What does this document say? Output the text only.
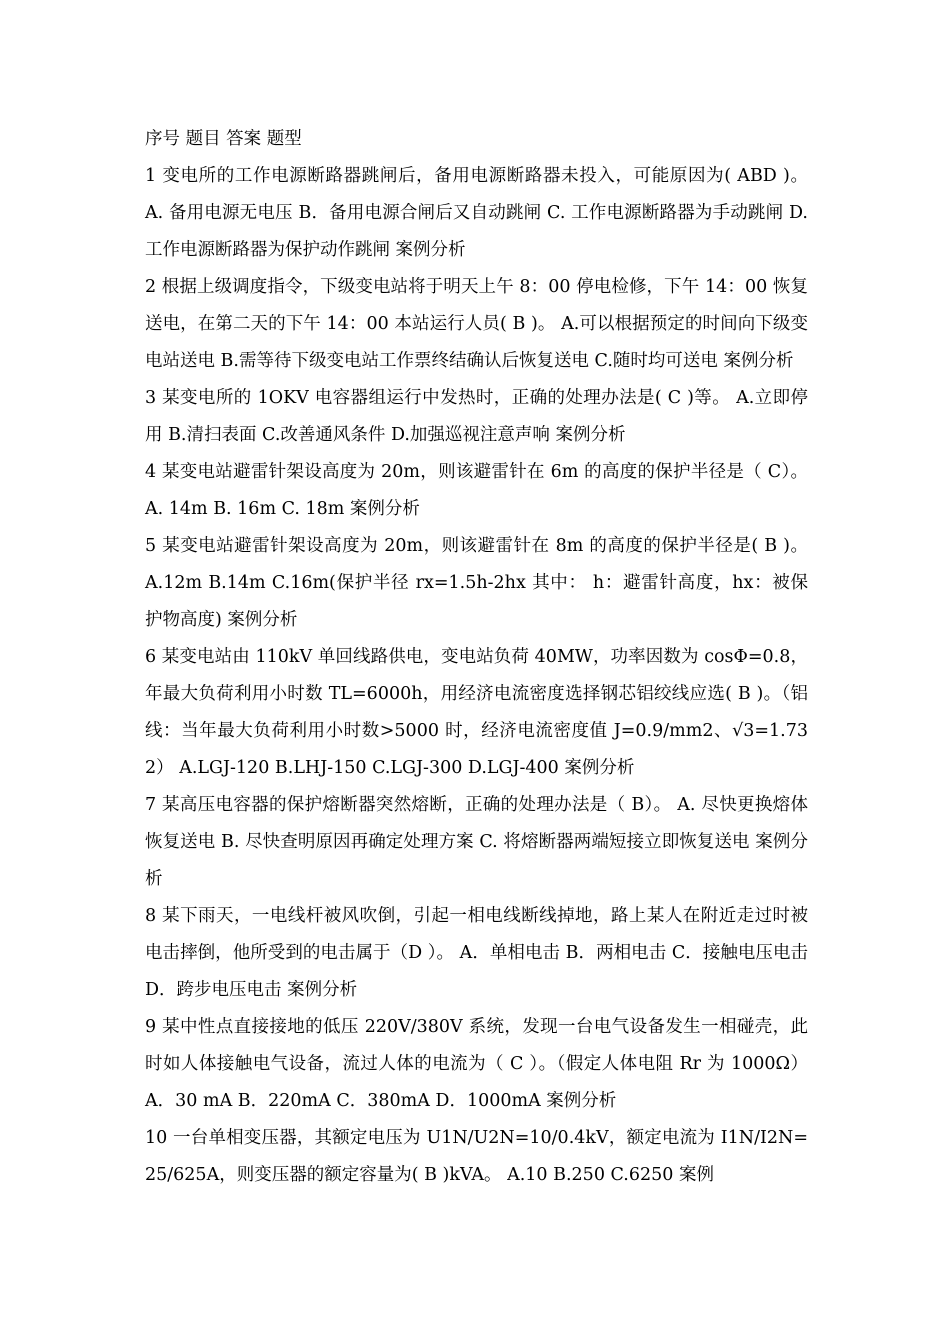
序号 题目 答案 题型

1 变电所的工作电源断路器跳闸后，备用电源断路器未投入，可能原因为( ABD )。 A. 备用电源无电压 B．备用电源合闸后又自动跳闸 C. 工作电源断路器为手动跳闸 D. 工作电源断路器为保护动作跳闸 案例分析

2 根据上级调度指令，下级变电站将于明天上午 8：00 停电检修，下午 14：00 恢复送电，在第二天的下午 14：00 本站运行人员( B )。 A.可以根据预定的时间向下级变电站送电 B.需等待下级变电站工作票终结确认后恢复送电 C.随时均可送电 案例分析

3 某变电所的 1OKV 电容器组运行中发热时，正确的处理办法是( C )等。 A.立即停用 B.清扫表面 C.改善通风条件 D.加强巡视注意声响 案例分析

4 某变电站避雷针架设高度为 20m，则该避雷针在 6m 的高度的保护半径是（ C）。 A. 14m B. 16m C. 18m 案例分析

5 某变电站避雷针架设高度为 20m，则该避雷针在 8m 的高度的保护半径是( B )。 A.12m B.14m C.16m(保护半径 rx=1.5h-2hx 其中： h：避雷针高度，hx：被保护物高度) 案例分析

6 某变电站由 110kV 单回线路供电，变电站负荷 40MW，功率因数为 cosΦ=0.8，年最大负荷利用小时数 TL=6000h，用经济电流密度选择钢芯铝绞线应选( B )。（铝线：当年最大负荷利用小时数>5000 时，经济电流密度值 J=0.9/mm2、√3=1.732） A.LGJ-120 B.LHJ-150 C.LGJ-300 D.LGJ-400 案例分析

7 某高压电容器的保护熔断器突然熔断，正确的处理办法是（ B）。 A. 尽快更换熔体恢复送电 B. 尽快查明原因再确定处理方案 C. 将熔断器两端短接立即恢复送电 案例分析

8 某下雨天，一电线杆被风吹倒，引起一相电线断线掉地，路上某人在附近走过时被电击摔倒，他所受到的电击属于（D ）。 A．单相电击 B．两相电击 C．接触电压电击 D．跨步电压电击 案例分析

9 某中性点直接接地的低压 220V/380V 系统，发现一台电气设备发生一相碰壳，此时如人体接触电气设备，流过人体的电流为（ C ）。（假定人体电阻 Rr 为 1000Ω） A．30 mA B．220mA C．380mA D．1000mA 案例分析

10 一台单相变压器，其额定电压为 U1N/U2N=10/0.4kV，额定电流为 I1N/I2N=25/625A，则变压器的额定容量为( B )kVA。 A.10 B.250 C.6250 案例
